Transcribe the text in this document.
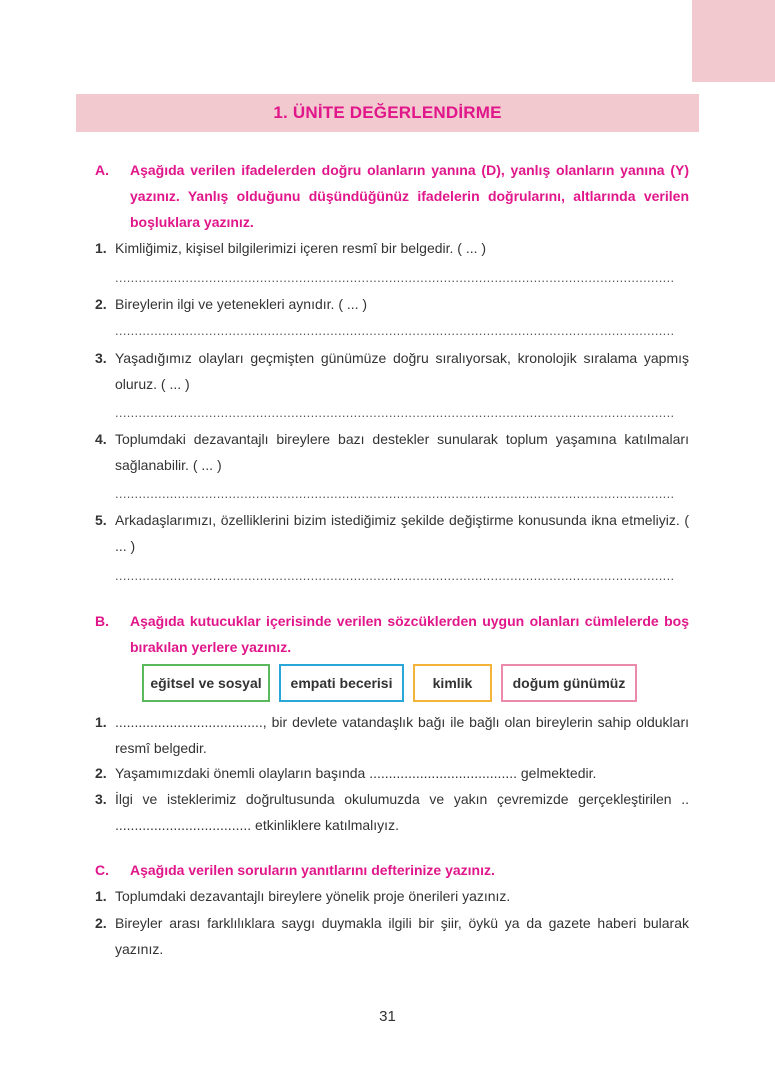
1. ÜNİTE DEĞERLENDİRME
A. Aşağıda verilen ifadelerden doğru olanların yanına (D), yanlış olanların yanına (Y) yazınız. Yanlış olduğunu düşündüğünüz ifadelerin doğrularını, altlarında verilen boşluklara yazınız.
1. Kimliğimiz, kişisel bilgilerimizi içeren resmî bir belgedir. ( ... )
...............................................................................................................................................
2. Bireylerin ilgi ve yetenekleri aynıdır. ( ... )
...............................................................................................................................................
3. Yaşadığımız olayları geçmişten günümüze doğru sıralıyorsak, kronolojik sıralama yapmış oluruz. ( ... )
...............................................................................................................................................
4. Toplumdaki dezavantajlı bireylere bazı destekler sunularak toplum yaşamına katılmaları sağlanabilir. ( ... )
...............................................................................................................................................
5. Arkadaşlarımızı, özelliklerini bizim istediğimiz şekilde değiştirme konusunda ikna etmeliyiz. ( ... )
...............................................................................................................................................
B. Aşağıda kutucuklar içerisinde verilen sözcüklerden uygun olanları cümlelerde boş bırakılan yerlere yazınız.
eğitsel ve sosyal	empati becerisi	kimlik	doğum günümüz
1. ......................................, bir devlete vatandaşlık bağı ile bağlı olan bireylerin sahip oldukları resmî belgedir.
2. Yaşamımızdaki önemli olayların başında ...................................... gelmektedir.
3. İlgi ve isteklerimiz doğrultusunda okulumuzda ve yakın çevremizde gerçekleştirilen .. ................................... etkinliklere katılmalıyız.
C. Aşağıda verilen soruların yanıtlarını defterinize yazınız.
1. Toplumdaki dezavantajlı bireylere yönelik proje önerileri yazınız.
2. Bireyler arası farklılıklara saygı duymakla ilgili bir şiir, öykü ya da gazete haberi bularak yazınız.
31
